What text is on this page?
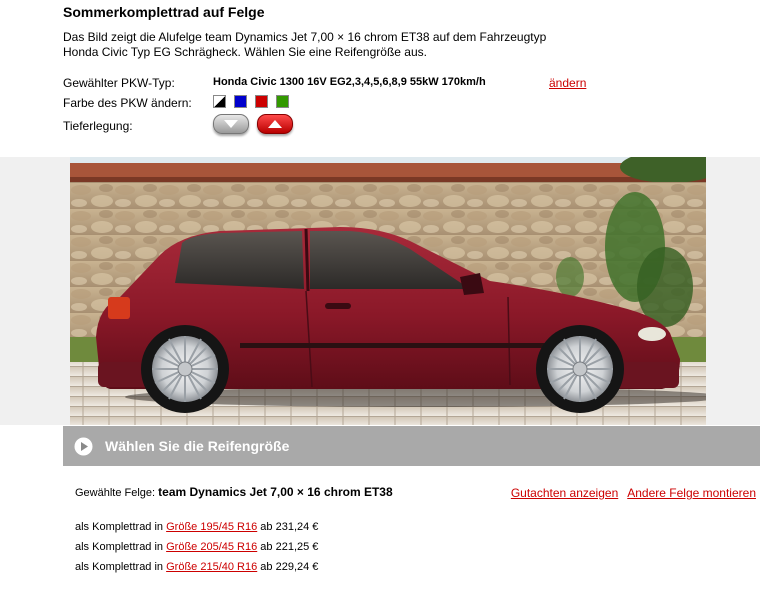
Sommerkomplettrad auf Felge
Das Bild zeigt die Alufelge team Dynamics Jet 7,00 × 16 chrom ET38 auf dem Fahrzeugtyp
Honda Civic Typ EG Schrägheck. Wählen Sie eine Reifengröße aus.
Gewählter PKW-Typ:	Honda Civic 1300 16V EG2,3,4,5,6,8,9 55kW 170km/h	ändern
Farbe des PKW ändern:
Tieferlegung:
Wählen Sie die Reifengröße
Gewählte Felge: team Dynamics Jet 7,00 × 16 chrom ET38	Gutachten anzeigen Andere Felge montieren
als Komplettrad in Größe 195/45 R16 ab 231,24 €
als Komplettrad in Größe 205/45 R16 ab 221,25 €
als Komplettrad in Größe 215/40 R16 ab 229,24 €
